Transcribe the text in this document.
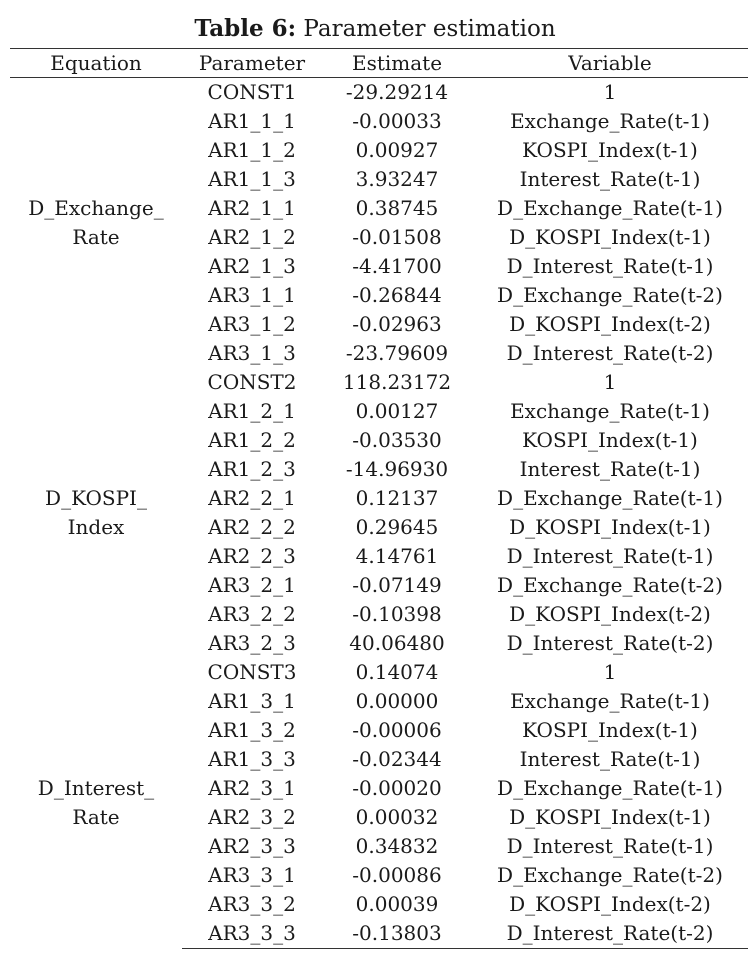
Table 6: Parameter estimation
Equation	Parameter	Estimate	Variable

D_Exchange_
Rate	CONST1	-29.29214	1
	AR1_1_1	-0.00033	Exchange_Rate(t-1)
	AR1_1_2	0.00927	KOSPI_Index(t-1)
	AR1_1_3	3.93247	Interest_Rate(t-1)
	AR2_1_1	0.38745	D_Exchange_Rate(t-1)
	AR2_1_2	-0.01508	D_KOSPI_Index(t-1)
	AR2_1_3	-4.41700	D_Interest_Rate(t-1)
	AR3_1_1	-0.26844	D_Exchange_Rate(t-2)
	AR3_1_2	-0.02963	D_KOSPI_Index(t-2)
	AR3_1_3	-23.79609	D_Interest_Rate(t-2)

D_KOSPI_
Index	CONST2	118.23172	1
	AR1_2_1	0.00127	Exchange_Rate(t-1)
	AR1_2_2	-0.03530	KOSPI_Index(t-1)
	AR1_2_3	-14.96930	Interest_Rate(t-1)
	AR2_2_1	0.12137	D_Exchange_Rate(t-1)
	AR2_2_2	0.29645	D_KOSPI_Index(t-1)
	AR2_2_3	4.14761	D_Interest_Rate(t-1)
	AR3_2_1	-0.07149	D_Exchange_Rate(t-2)
	AR3_2_2	-0.10398	D_KOSPI_Index(t-2)
	AR3_2_3	40.06480	D_Interest_Rate(t-2)

D_Interest_
Rate	CONST3	0.14074	1
	AR1_3_1	0.00000	Exchange_Rate(t-1)
	AR1_3_2	-0.00006	KOSPI_Index(t-1)
	AR1_3_3	-0.02344	Interest_Rate(t-1)
	AR2_3_1	-0.00020	D_Exchange_Rate(t-1)
	AR2_3_2	0.00032	D_KOSPI_Index(t-1)
	AR2_3_3	0.34832	D_Interest_Rate(t-1)
	AR3_3_1	-0.00086	D_Exchange_Rate(t-2)
	AR3_3_2	0.00039	D_KOSPI_Index(t-2)
	AR3_3_3	-0.13803	D_Interest_Rate(t-2)
